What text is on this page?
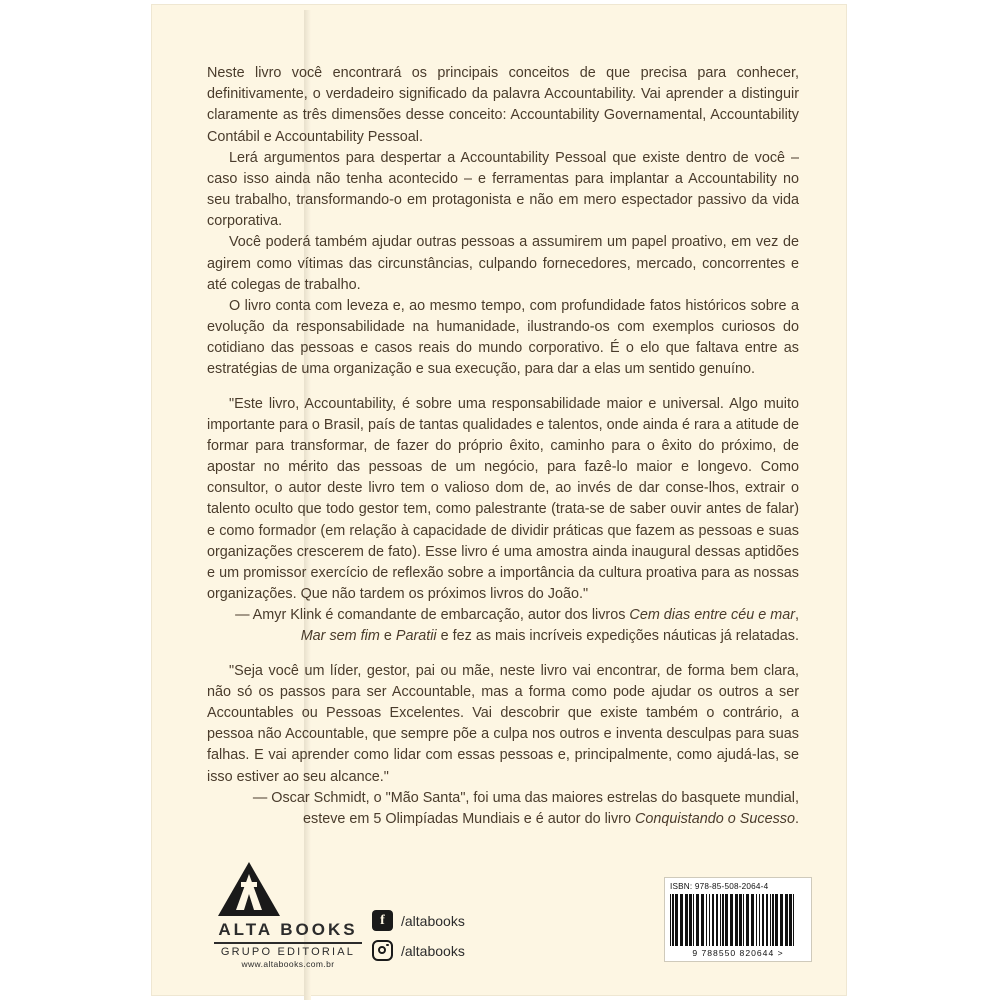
Neste livro você encontrará os principais conceitos de que precisa para conhecer, definitivamente, o verdadeiro significado da palavra Accountability. Vai aprender a distinguir claramente as três dimensões desse conceito: Accountability Governamental, Accountability Contábil e Accountability Pessoal.

Lerá argumentos para despertar a Accountability Pessoal que existe dentro de você – caso isso ainda não tenha acontecido – e ferramentas para implantar a Accountability no seu trabalho, transformando-o em protagonista e não em mero espectador passivo da vida corporativa.

Você poderá também ajudar outras pessoas a assumirem um papel proativo, em vez de agirem como vítimas das circunstâncias, culpando fornecedores, mercado, concorrentes e até colegas de trabalho.

O livro conta com leveza e, ao mesmo tempo, com profundidade fatos históricos sobre a evolução da responsabilidade na humanidade, ilustrando-os com exemplos curiosos do cotidiano das pessoas e casos reais do mundo corporativo. É o elo que faltava entre as estratégias de uma organização e sua execução, para dar a elas um sentido genuíno.

"Este livro, Accountability, é sobre uma responsabilidade maior e universal. Algo muito importante para o Brasil, país de tantas qualidades e talentos, onde ainda é rara a atitude de formar para transformar, de fazer do próprio êxito, caminho para o êxito do próximo, de apostar no mérito das pessoas de um negócio, para fazê-lo maior e longevo. Como consultor, o autor deste livro tem o valioso dom de, ao invés de dar conse-lhos, extrair o talento oculto que todo gestor tem, como palestrante (trata-se de saber ouvir antes de falar) e como formador (em relação à capacidade de dividir práticas que fazem as pessoas e suas organizações crescerem de fato). Esse livro é uma amostra ainda inaugural dessas aptidões e um promissor exercício de reflexão sobre a importância da cultura proativa para as nossas organizações. Que não tardem os próximos livros do João."

— Amyr Klink é comandante de embarcação, autor dos livros Cem dias entre céu e mar, Mar sem fim e Paratii e fez as mais incríveis expedições náuticas já relatadas.

"Seja você um líder, gestor, pai ou mãe, neste livro vai encontrar, de forma bem clara, não só os passos para ser Accountable, mas a forma como pode ajudar os outros a ser Accountables ou Pessoas Excelentes. Vai descobrir que existe também o contrário, a pessoa não Accountable, que sempre põe a culpa nos outros e inventa desculpas para suas falhas. E vai aprender como lidar com essas pessoas e, principalmente, como ajudá-las, se isso estiver ao seu alcance."

— Oscar Schmidt, o "Mão Santa", foi uma das maiores estrelas do basquete mundial, esteve em 5 Olimpíadas Mundiais e é autor do livro Conquistando o Sucesso.

ALTA BOOKS
GRUPO EDITORIAL
www.altabooks.com.br
f	/altabooks
/altabooks
ISBN: 978-85-508-2064-4
9 788550 820644 >
